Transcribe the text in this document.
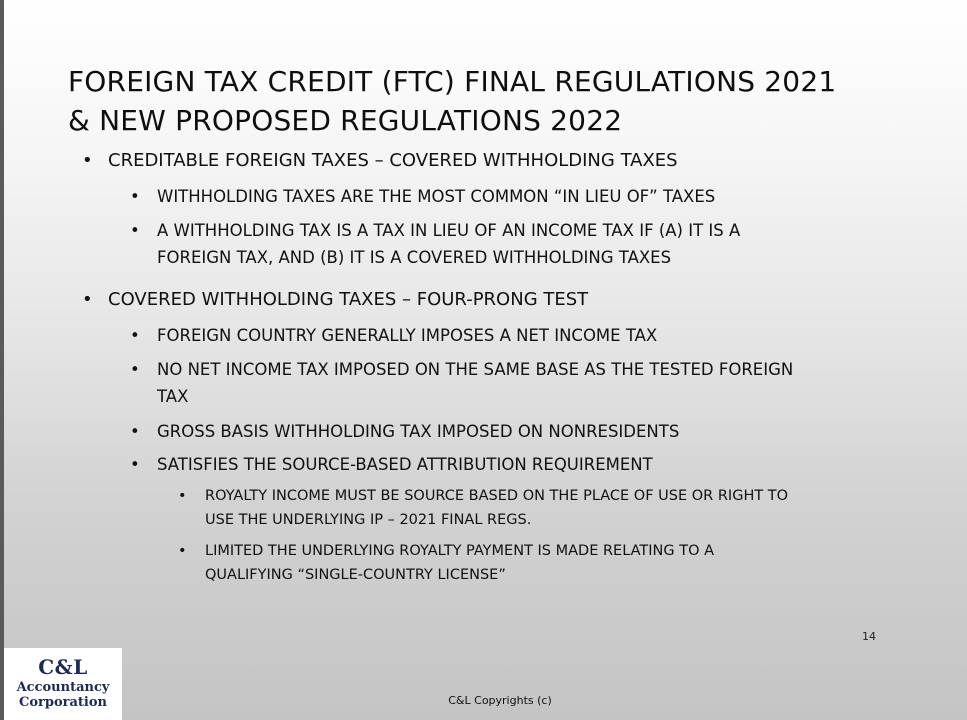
FOREIGN TAX CREDIT (FTC) FINAL REGULATIONS 2021
& NEW PROPOSED REGULATIONS 2022
• CREDITABLE FOREIGN TAXES – COVERED WITHHOLDING TAXES
• WITHHOLDING TAXES ARE THE MOST COMMON “IN LIEU OF” TAXES
• A WITHHOLDING TAX IS A TAX IN LIEU OF AN INCOME TAX IF (A) IT IS A
FOREIGN TAX, AND (B) IT IS A COVERED WITHHOLDING TAXES
• COVERED WITHHOLDING TAXES – FOUR-PRONG TEST
• FOREIGN COUNTRY GENERALLY IMPOSES A NET INCOME TAX
• NO NET INCOME TAX IMPOSED ON THE SAME BASE AS THE TESTED FOREIGN
TAX
• GROSS BASIS WITHHOLDING TAX IMPOSED ON NONRESIDENTS
• SATISFIES THE SOURCE-BASED ATTRIBUTION REQUIREMENT
• ROYALTY INCOME MUST BE SOURCE BASED ON THE PLACE OF USE OR RIGHT TO
USE THE UNDERLYING IP – 2021 FINAL REGS.
• LIMITED THE UNDERLYING ROYALTY PAYMENT IS MADE RELATING TO A
QUALIFYING “SINGLE-COUNTRY LICENSE”
14
C&L Copyrights (c)
C&L
Accountancy
Corporation
